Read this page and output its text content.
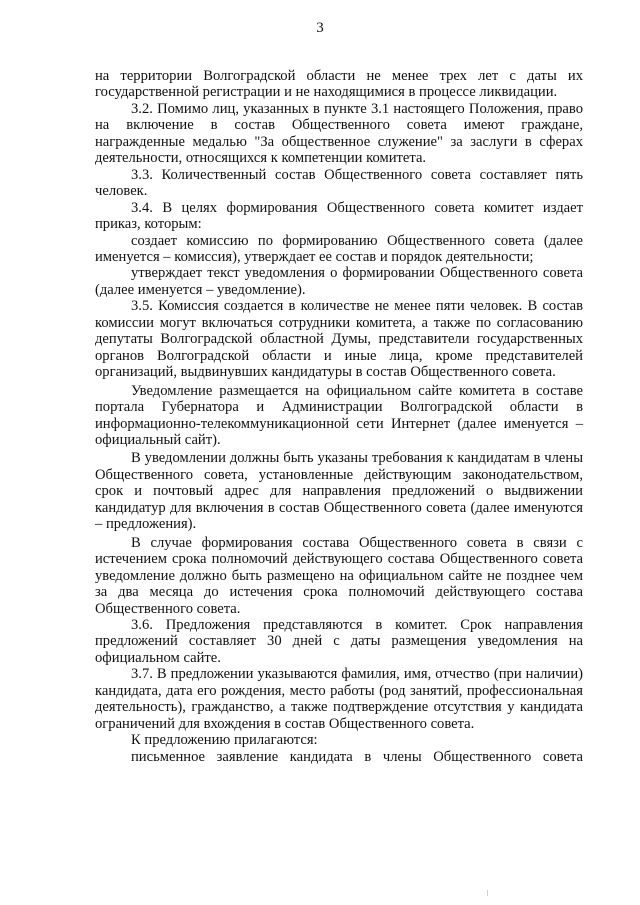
3

на территории Волгоградской области не менее трех лет с даты их государственной регистрации и не находящимися в процессе ликвидации.

3.2. Помимо лиц, указанных в пункте 3.1 настоящего Положения, право на включение в состав Общественного совета имеют граждане, награжденные медалью "За общественное служение" за заслуги в сферах деятельности, относящихся к компетенции комитета.

3.3. Количественный состав Общественного совета составляет пять человек.

3.4. В целях формирования Общественного совета комитет издает приказ, которым:

создает комиссию по формированию Общественного совета (далее именуется – комиссия), утверждает ее состав и порядок деятельности;

утверждает текст уведомления о формировании Общественного совета (далее именуется – уведомление).

3.5. Комиссия создается в количестве не менее пяти человек. В состав комиссии могут включаться сотрудники комитета, а также по согласованию депутаты Волгоградской областной Думы, представители государственных органов Волгоградской области и иные лица, кроме представителей организаций, выдвинувших кандидатуры в состав Общественного совета.

Уведомление размещается на официальном сайте комитета в составе портала Губернатора и Администрации Волгоградской области в информационно-телекоммуникационной сети Интернет (далее именуется – официальный сайт).

В уведомлении должны быть указаны требования к кандидатам в члены Общественного совета, установленные действующим законодательством, срок и почтовый адрес для направления предложений о выдвижении кандидатур для включения в состав Общественного совета (далее именуются – предложения).

В случае формирования состава Общественного совета в связи с истечением срока полномочий действующего состава Общественного совета уведомление должно быть размещено на официальном сайте не позднее чем за два месяца до истечения срока полномочий действующего состава Общественного совета.

3.6. Предложения представляются в комитет. Срок направления предложений составляет 30 дней с даты размещения уведомления на официальном сайте.

3.7. В предложении указываются фамилия, имя, отчество (при наличии) кандидата, дата его рождения, место работы (род занятий, профессиональная деятельность), гражданство, а также подтверждение отсутствия у кандидата ограничений для вхождения в состав Общественного совета.

К предложению прилагаются:

письменное заявление кандидата в члены Общественного совета
